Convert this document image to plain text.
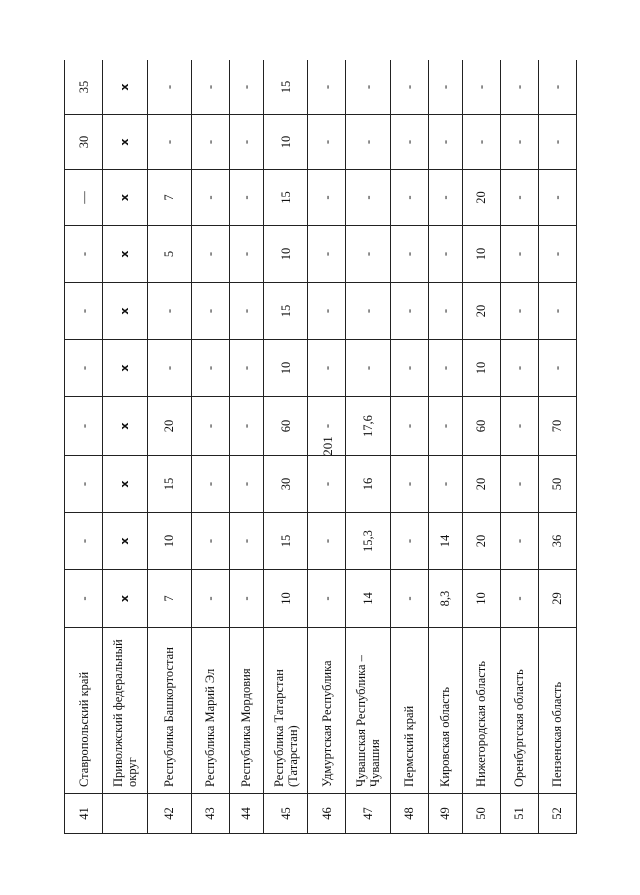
201
41	Ставропольский край	-	-	-	-	-	-	-	—	30	35
	Приволжский федеральный округ	x	x	x	x	x	x	x	x	x	x
42	Республика Башкортостан	7	10	15	20	-	-	5	7	-	-
43	Республика Марий Эл	-	-	-	-	-	-	-	-	-	-
44	Республика Мордовия	-	-	-	-	-	-	-	-	-	-
45	Республика Татарстан (Татарстан)	10	15	30	60	10	15	10	15	10	15
46	Удмуртская Республика	-	-	-	-	-	-	-	-	-	-
47	Чувашская Республика – Чувашия	14	15,3	16	17,6	-	-	-	-	-	-
48	Пермский край	-	-	-	-	-	-	-	-	-	-
49	Кировская область	8,3	14	-	-	-	-	-	-	-	-
50	Нижегородская область	10	20	20	60	10	20	10	20	-	-
51	Оренбургская область	-	-	-	-	-	-	-	-	-	-
52	Пензенская область	29	36	50	70	-	-	-	-	-	-
